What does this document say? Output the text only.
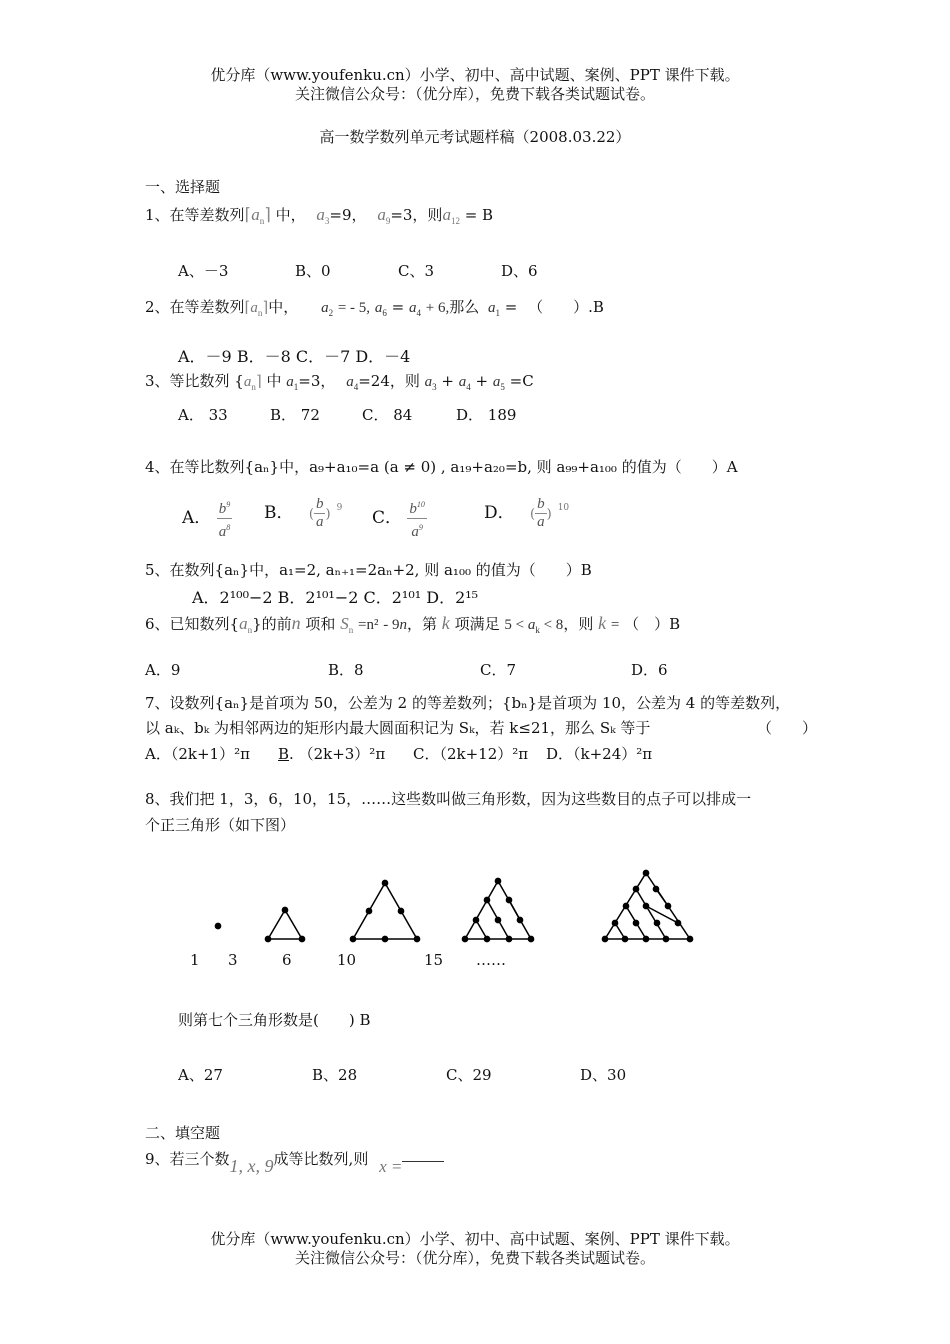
优分库（www.youfenku.cn）小学、初中、高中试题、案例、PPT 课件下载。
关注微信公众号：（优分库），免费下载各类试题试卷。
高一数学数列单元考试题样稿（2008.03.22）
一、选择题
1、在等差数列$⌈a_n⌉$ 中， $a_3=9$， $a_9=3$，则$a_{12} = B$
A、－3	B、0	C、3	D、6
2、在等差数列$⌈a_n⌉$中， $a_2$ = - 5, $a_6 = a_4 + 6$,那么 $a_1$ = （　　）.B
A．－9 B．－8 C．－7 D．－4
3、等比数列 {$a_n⌉$ 中 $a_1=3$， $a_4=24$，则 $a_3 + a_4 + a_5 =C$
A． 33	B． 72	C． 84	D． 189
4、在等比数列{aₙ}中，a₉+a₁₀=a (a ≠ 0) , a₁₉+a₂₀=b, 则 a₉₉+a₁₀₀ 的值为（　　）A
A． $\frac{b^9}{a^8}$ B． ( $\frac{b}{a}$ ) $^9$ C． $\frac{b^{10}}{a^9}$	D． ( $\frac{b}{a}$ ) $^{10}$
5、在数列{aₙ}中，a₁=2, aₙ₊₁=2aₙ+2, 则 a₁₀₀ 的值为（　　）B
A．2¹⁰⁰−2 B．2¹⁰¹−2 C．2¹⁰¹ D．2¹⁵
6、已知数列$\{a_n\}$的前n 项和 $S_n =n^2 - 9n$，第 k 项满足 $5 < a_k < 8$，则 k = （　）B
A．9	B．8	C．7	D．6
7、设数列{aₙ}是首项为 50，公差为 2 的等差数列；{bₙ}是首项为 10，公差为 4 的等差数列，
以 aₖ、bₖ 为相邻两边的矩形内最大圆面积记为 Sₖ，若 k≤21，那么 Sₖ 等于	（　　）
A．（2k+1）²π B. （2k+3）²π C．（2k+12）²π D．（k+24）²π
8、我们把 1，3，6，10，15，……这些数叫做三角形数，因为这些数目的点子可以排成一
个正三角形（如下图）
1 3	6	10	15 ……
则第七个三角形数是(　　) B
A、27	B、28	C、29	D、30
二、填空题
9、若三个数1, x, 9成等比数列,则 x =
优分库（www.youfenku.cn）小学、初中、高中试题、案例、PPT 课件下载。
关注微信公众号：（优分库），免费下载各类试题试卷。
